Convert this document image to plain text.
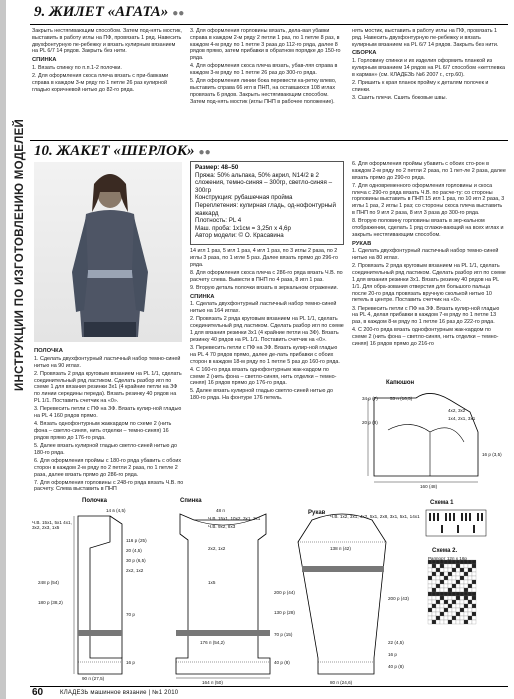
ИНСТРУКЦИИ ПО ИЗГОТОВЛЕНИЮ МОДЕЛЕЙ
9. ЖИЛЕТ «АГАТА» ●●

Закрыть нестягивающим способом. Затем под-нять мостик, выставить в работу иглы на ПФ, провязать 1 ряд. Навесить двухфонтурную пе-ребежку и вязать кулирным вязанием на PL 6/7 14 рядов. Закрыть без нити.

СПИНКА

1. Вязать спинку по п.п.1-2 полочки.

2. Для оформления скоса плеча вязать с при-бавками справа в каждом 3-м ряду по 1 петле 26 раз кулирной гладью коричневой нитью до 82-го ряда.

3. Для оформления горловины вязать, дела-вая убавки справа в каждом 2-м ряду 2 петли 1 раз, по 1 петле 8 раз, в каждом 4-м ряду по 1 петле 3 раза до 112-го ряда, далее 8 рядов прямо, затем прибавки в обратном порядке до 150-го ряда.

4. Для оформления скоса плеча вязать, убав-ляя справа в каждом 3-м ряду по 1 петле 26 раз до 300-го ряда.

5. Для оформления линии бока перевести ка-ретку влево, выставить справа 66 игл в ПНП, на оставшихся 108 иглах провязать 6 рядов. Закрыть нестягивающим способом. Затем под-нять мостик (иглы ПНП в рабочее положение).

нять мостик, выставить в работу иглы на ПФ, провязать 1 ряд. Навесить двухфонтурную пе-ребежку и вязать кулирным вязанием на PL 6/7 14 рядов. Закрыть без нити.

СБОРКА

1. Горловину спинки и их изделия оформить планкой из кулирным вязанием 14 рядов на PL 6/7 способом «кеттлевка в карман» (см. КЛАДЕЗЬ №6 2007 г., стр.60).

2. Пришить к края планок пройму к деталям полочек и спинки.

3. Сшить плечи. Сшить боковые швы.

10. ЖАКЕТ «ШЕРЛОК» ●●
Размер: 48–50
Пряжа: 50% альпака, 50% акрил, N14/2 в 2 сложения, темно-синяя – 300гр, светло-синяя – 300гр
Конструкция: рубашечная пройма
Переплетения: кулирная гладь, од-нофонтурный жаккард
Плотность: PL 4
Маш. проба: 1х1см = 3,25п х 4,6р
Автор модели: © О. Красавина
ПОЛОЧКА

1. Сделать двухфонтурный ластичный набор темно-синей нитью на 90 иглах.

2. Провязать 2 ряда круговым вязанием на PL 1/1, сделать соединительный ряд ластиком. Сделать разбор игл по схеме 1 для вязания резинки 3х1 (4 крайние петли на ЗФ по линии середины переда). Вязать резинку 40 рядов на PL 1/1. Поставить счетчик на «0».

3. Перевесить петли с ПФ на ЗФ. Вязать кулир-ной гладью на PL 4 160 рядов прямо.

4. Вязать однофонтурным жаккардом по схеме 2 (нить фона – светло-синяя, нить отделки – темно-синяя) 16 рядов прямо до 176-го ряда.

5. Далее вязать кулирной гладью светло-синей нитью до 180-го ряда.

6. Для оформления проймы с 180-го ряда убавить с обоих сторон в каждом 2-м ряду по 2 петли 2 раза, по 1 петле 2 раза, далее вязать прямо до 286-го ряда.

7. Для оформления горловины с 248-го ряда вязать Ч.В. по расчету. Слева выставить в ПНП

14 игл 1 раз, 5 игл 1 раз, 4 игл 1 раз, по 3 иглы 2 раза, по 2 иглы 3 раза, по 1 игле 5 раз. Далее вязать прямо до 296-го ряда.

8. Для оформления скоса плеча с 286-го ряда вязать Ч.В. по расчету слева. Вывести в ПНП по 4 раза, 8 игл 1 раз.

9. Вторую деталь полочки вязать в зеркальном отражении.

СПИНКА

1. Сделать двухфонтурный ластичный набор темно-синей нитью на 164 иглах.

2. Провязать 2 ряда круговым вязанием на PL 1/1, сделать соединительный ряд ластиком. Сделать разбор игл по схеме 1 для вязания резинки 3х1 (4 крайние петли на ЗФ). Вязать резинку 40 рядов на PL 1/1. Поставить счетчик на «0».

3. Перевесить петли с ПФ на ЗФ. Вязать кулир-ной гладью на PL 4 70 рядов прямо, далее де-лать прибавки с обоих сторон в каждом 18-м ряду по 1 петле 5 раз до 160-го ряда.

4. С 160-го ряда вязать однофонтурным жак-кардом по схеме 2 (нить фона – светло-синяя, нить отделки – темно-синяя) 16 рядов прямо до 176-го ряда.

5. Далее вязать кулирной гладью светло-синей нитью до 180-го ряда. На фонтуре 176 петель.

6. Для оформления проймы убавить с обоих сто-рон в каждом 2-м ряду по 2 петли 2 раза, по 1 пет-ле 2 раза, далее вязать прямо до 290-го ряда.

7. Для одновременного оформления горловины и скоса плеча с 290-го ряда вязать Ч.В. по расче-ту: со стороны горловины выставить в ПНП 15 игл 1 раз, по 10 игл 2 раза, 3 иглы 1 раз, 2 иглы 1 раз; со стороны скоса плеча выставить в ПНП по 9 игл 2 раза, 8 игл 3 раза до 300-го ряда.

8. Вторую половину горловины вязать в зер-кальном отображении, сделать 1 ряд сглажи-вающий на всех иглах и закрыть нестягивающим способом.

РУКАВ

1. Сделать двухфонтурный ластичный набор темно-синей нитью на 80 иглах.

2. Провязать 2 ряда круговым вязанием на PL 1/1, сделать соединительный ряд ластиком. Сделать разбор игл по схеме 1 для вязания резинки 3х1. Вязать резинку 40 рядов на PL 1/1. Для обра-зования отверстия для большого пальца после 20-го ряда провязать вручную сколькой нитью 10 петель в центре. Поставить счетчик на «0».

3. Перевесить петли с ПФ на ЗФ. Вязать кулир-ной гладью на PL 4, делая прибавки в каждом 7-м ряду по 1 петле 13 раз, в каждом 8-м ряду по 1 петле 16 раз до 222-го ряда.

4. С 200-го ряда вязать однофонтурным жак-кардом по схеме 2 (нить фона – светло-синяя, нить отделки – темно-синяя) 16 рядов прямо до 216-го

Капюшон
34 р (7)	53 п (16,5)
20 р (8)
4х2, 3х2
1х4, 2х1, 3х1
160 (48)
16 р (3,5)
Полочка	Спинка
Рукав
Схема 1
Схема 2.
Раппорт 12п х 16р
14 в (4,5)
Ч.В. 15х1, 5х1 4х1, 3х2, 2х3, 1х5
248 р (54)
180 р (38,2)
90 п (27,5)
116 р (25)
20 (4,5)
30 р (6,5)
2х2, 1х2
70 р
16 р
48 п
Ч.В. 15х1, 10х2, 3х1, 2х1
Ч.В. 9х2, 8х3
2х2, 1х2
1х5
176 п (54,2)
164 п (50)
200 р (44)
130 р (28)
70 р (15)
40 р (8)
Ч.В. 1х2, 3х1, 4х2, 5х1, 2х8, 3х1, 5х1, 14х1
138 п (42)
80 п (24,6)
200 р (43)
22 (4,5)
40 р (8)
16 р
60	КЛАДЕЗЬ машинное вязание | №1 2010
